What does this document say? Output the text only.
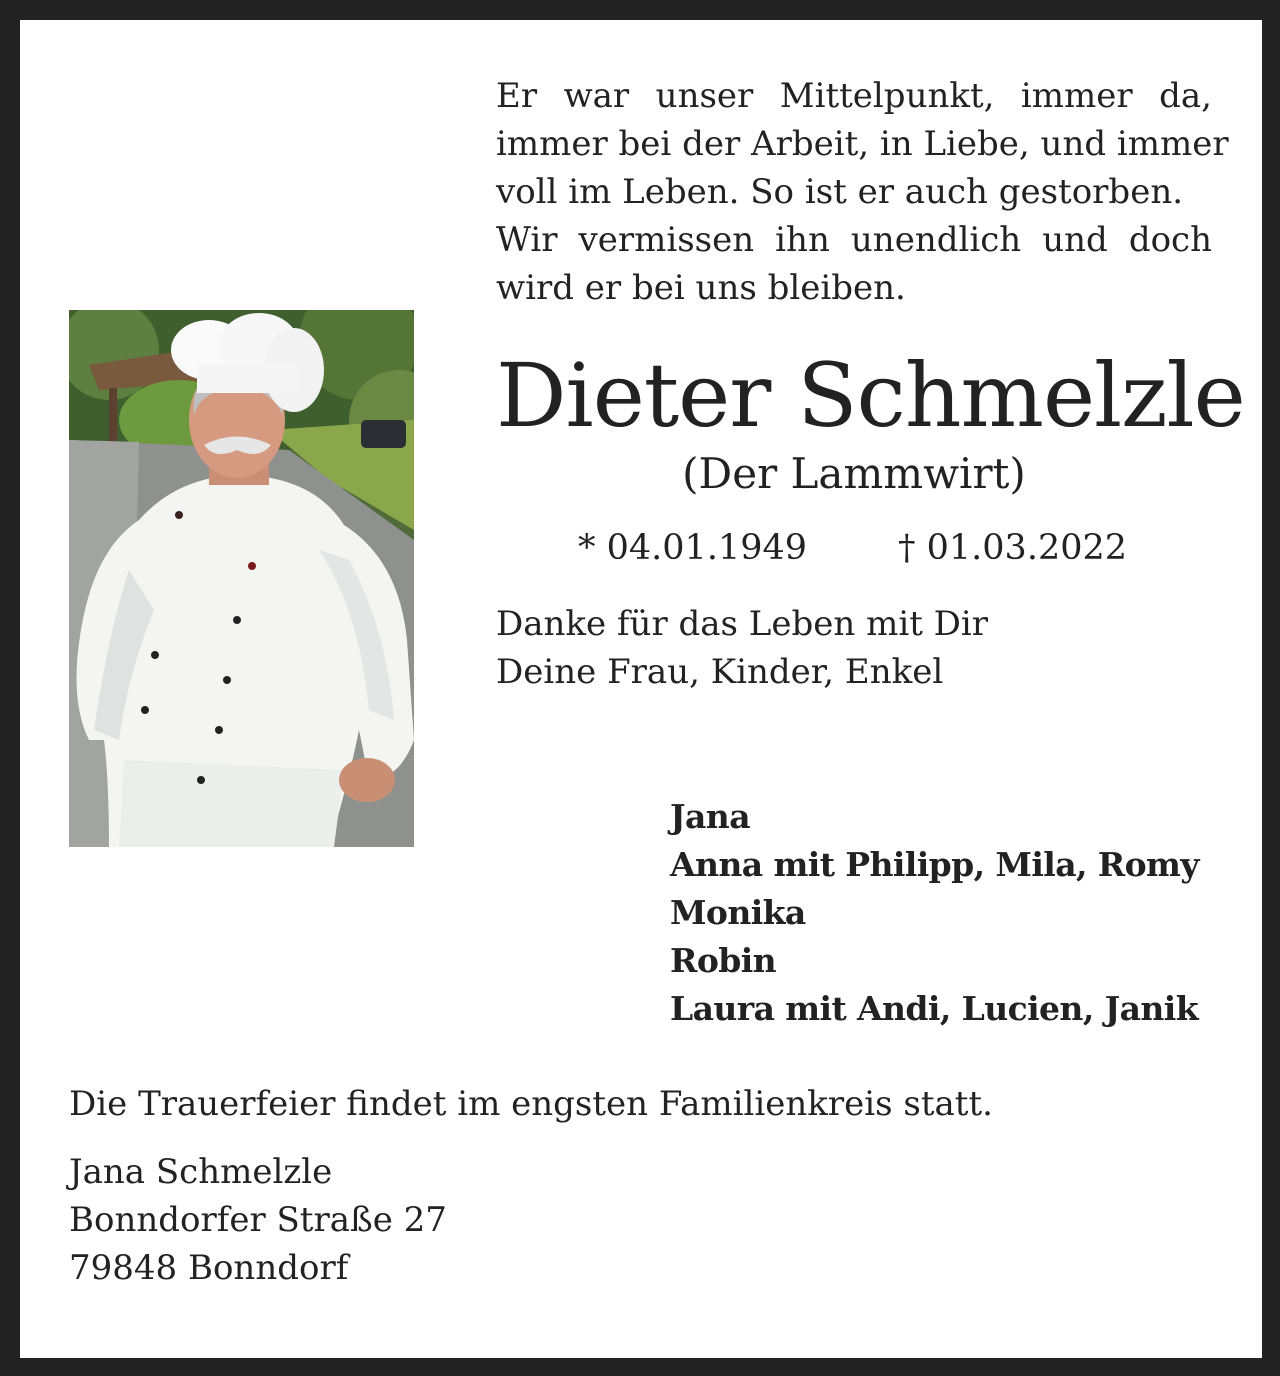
Er war unser Mittelpunkt, immer da,
immer bei der Arbeit, in Liebe, und immer
voll im Leben. So ist er auch gestorben.
Wir vermissen ihn unendlich und doch
wird er bei uns bleiben.
Dieter Schmelzle
(Der Lammwirt)
* 04.01.1949	† 01.03.2022
Danke für das Leben mit Dir
Deine Frau, Kinder, Enkel
Jana
Anna mit Philipp, Mila, Romy
Monika
Robin
Laura mit Andi, Lucien, Janik
Die Trauerfeier findet im engsten Familienkreis statt.
Jana Schmelzle
Bonndorfer Straße 27
79848 Bonndorf
